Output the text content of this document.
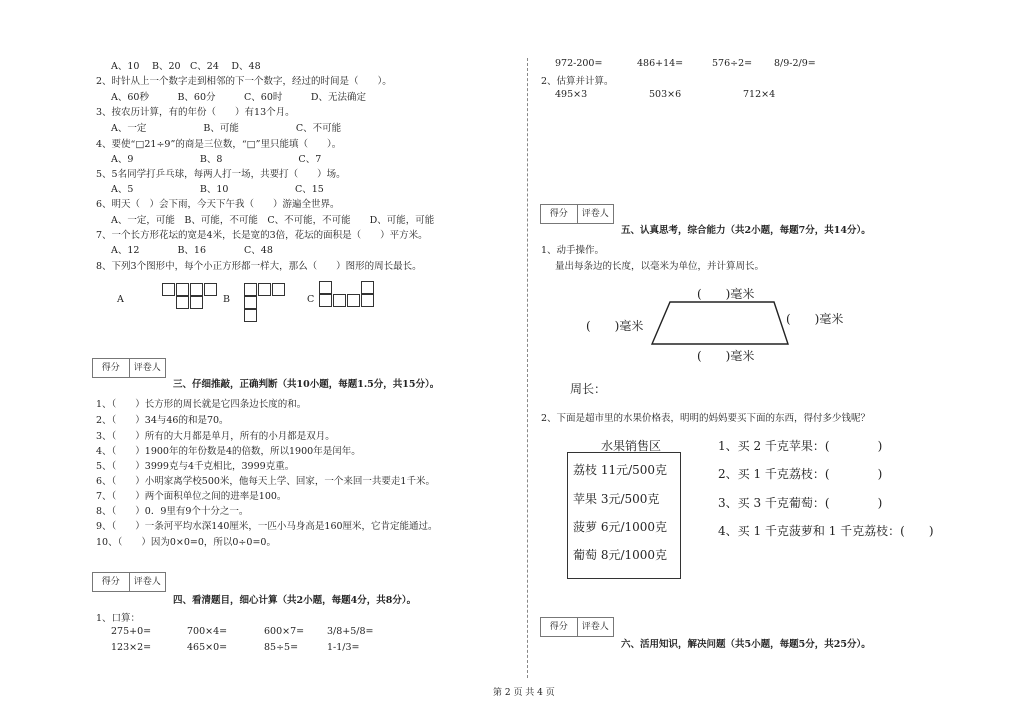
A、10　 B、20　C、24　 D、48
2、时针从上一个数字走到相邻的下一个数字，经过的时间是（　　）。
A、60秒　　　B、60分　　　C、60时　　　D、无法确定
3、按农历计算，有的年份（　　）有13个月。
A、一定　　　　　　B、可能　　　　　　C、不可能
4、要使“□21÷9”的商是三位数，“□”里只能填（　　）。
A、9　　　　　　　B、8　　　　　　　　C、7
5、5名同学打乒乓球，每两人打一场，共要打（　　）场。
A、5　　　　　　　B、10　　　　　　　C、15
6、明天（　）会下雨，今天下午我（　　）游遍全世界。
A、一定，可能　B、可能，不可能　C、不可能，不可能　　D、可能，可能
7、一个长方形花坛的宽是4米，长是宽的3倍，花坛的面积是（　　）平方米。
A、12　　　　B、16　　　　C、48
8、下列3个图形中，每个小正方形都一样大，那么（　　）图形的周长最长。
A	B	C
得分	评卷人
三、仔细推敲，正确判断（共10小题，每题1.5分，共15分）。
1、（　　）长方形的周长就是它四条边长度的和。
2、（　　）34与46的和是70。
3、（　　）所有的大月都是单月，所有的小月都是双月。
4、（　　）1900年的年份数是4的倍数，所以1900年是闰年。
5、（　　）3999克与4千克相比，3999克重。
6、（　　）小明家离学校500米，他每天上学、回家，一个来回一共要走1千米。
7、（　　）两个面积单位之间的进率是100。
8、（　　）0．9里有9个十分之一。
9、（　　）一条河平均水深140厘米，一匹小马身高是160厘米，它肯定能通过。
10、（　　）因为0×0=0，所以0÷0=0。
得分	评卷人
四、看清题目，细心计算（共2小题，每题4分，共8分）。
1、口算：
275+0=	700×4=	600×7= 3/8+5/8=
123×2=	465×0=	85÷5=	1-1/3=
972-200=	486+14=	576÷2= 8/9-2/9=
2、估算并计算。
495×3	503×6	712×4
得分	评卷人
五、认真思考，综合能力（共2小题，每题7分，共14分）。
1、动手操作。
量出每条边的长度，以毫米为单位，并计算周长。
(　　)毫米
(　　)毫米	(　　)毫米
(　　)毫米
周长：
2、下面是超市里的水果价格表，明明的妈妈要买下面的东西，得付多少钱呢？
水果销售区
荔枝 11元/500克
苹果 3元/500克
菠萝 6元/1000克
葡萄 8元/1000克
1、买 2 千克苹果：(　　　　)
2、买 1 千克荔枝：(　　　　)
3、买 3 千克葡萄：(　　　　)
4、买 1 千克菠萝和 1 千克荔枝：(　　)
得分	评卷人
六、活用知识，解决问题（共5小题，每题5分，共25分）。
第 2 页 共 4 页
